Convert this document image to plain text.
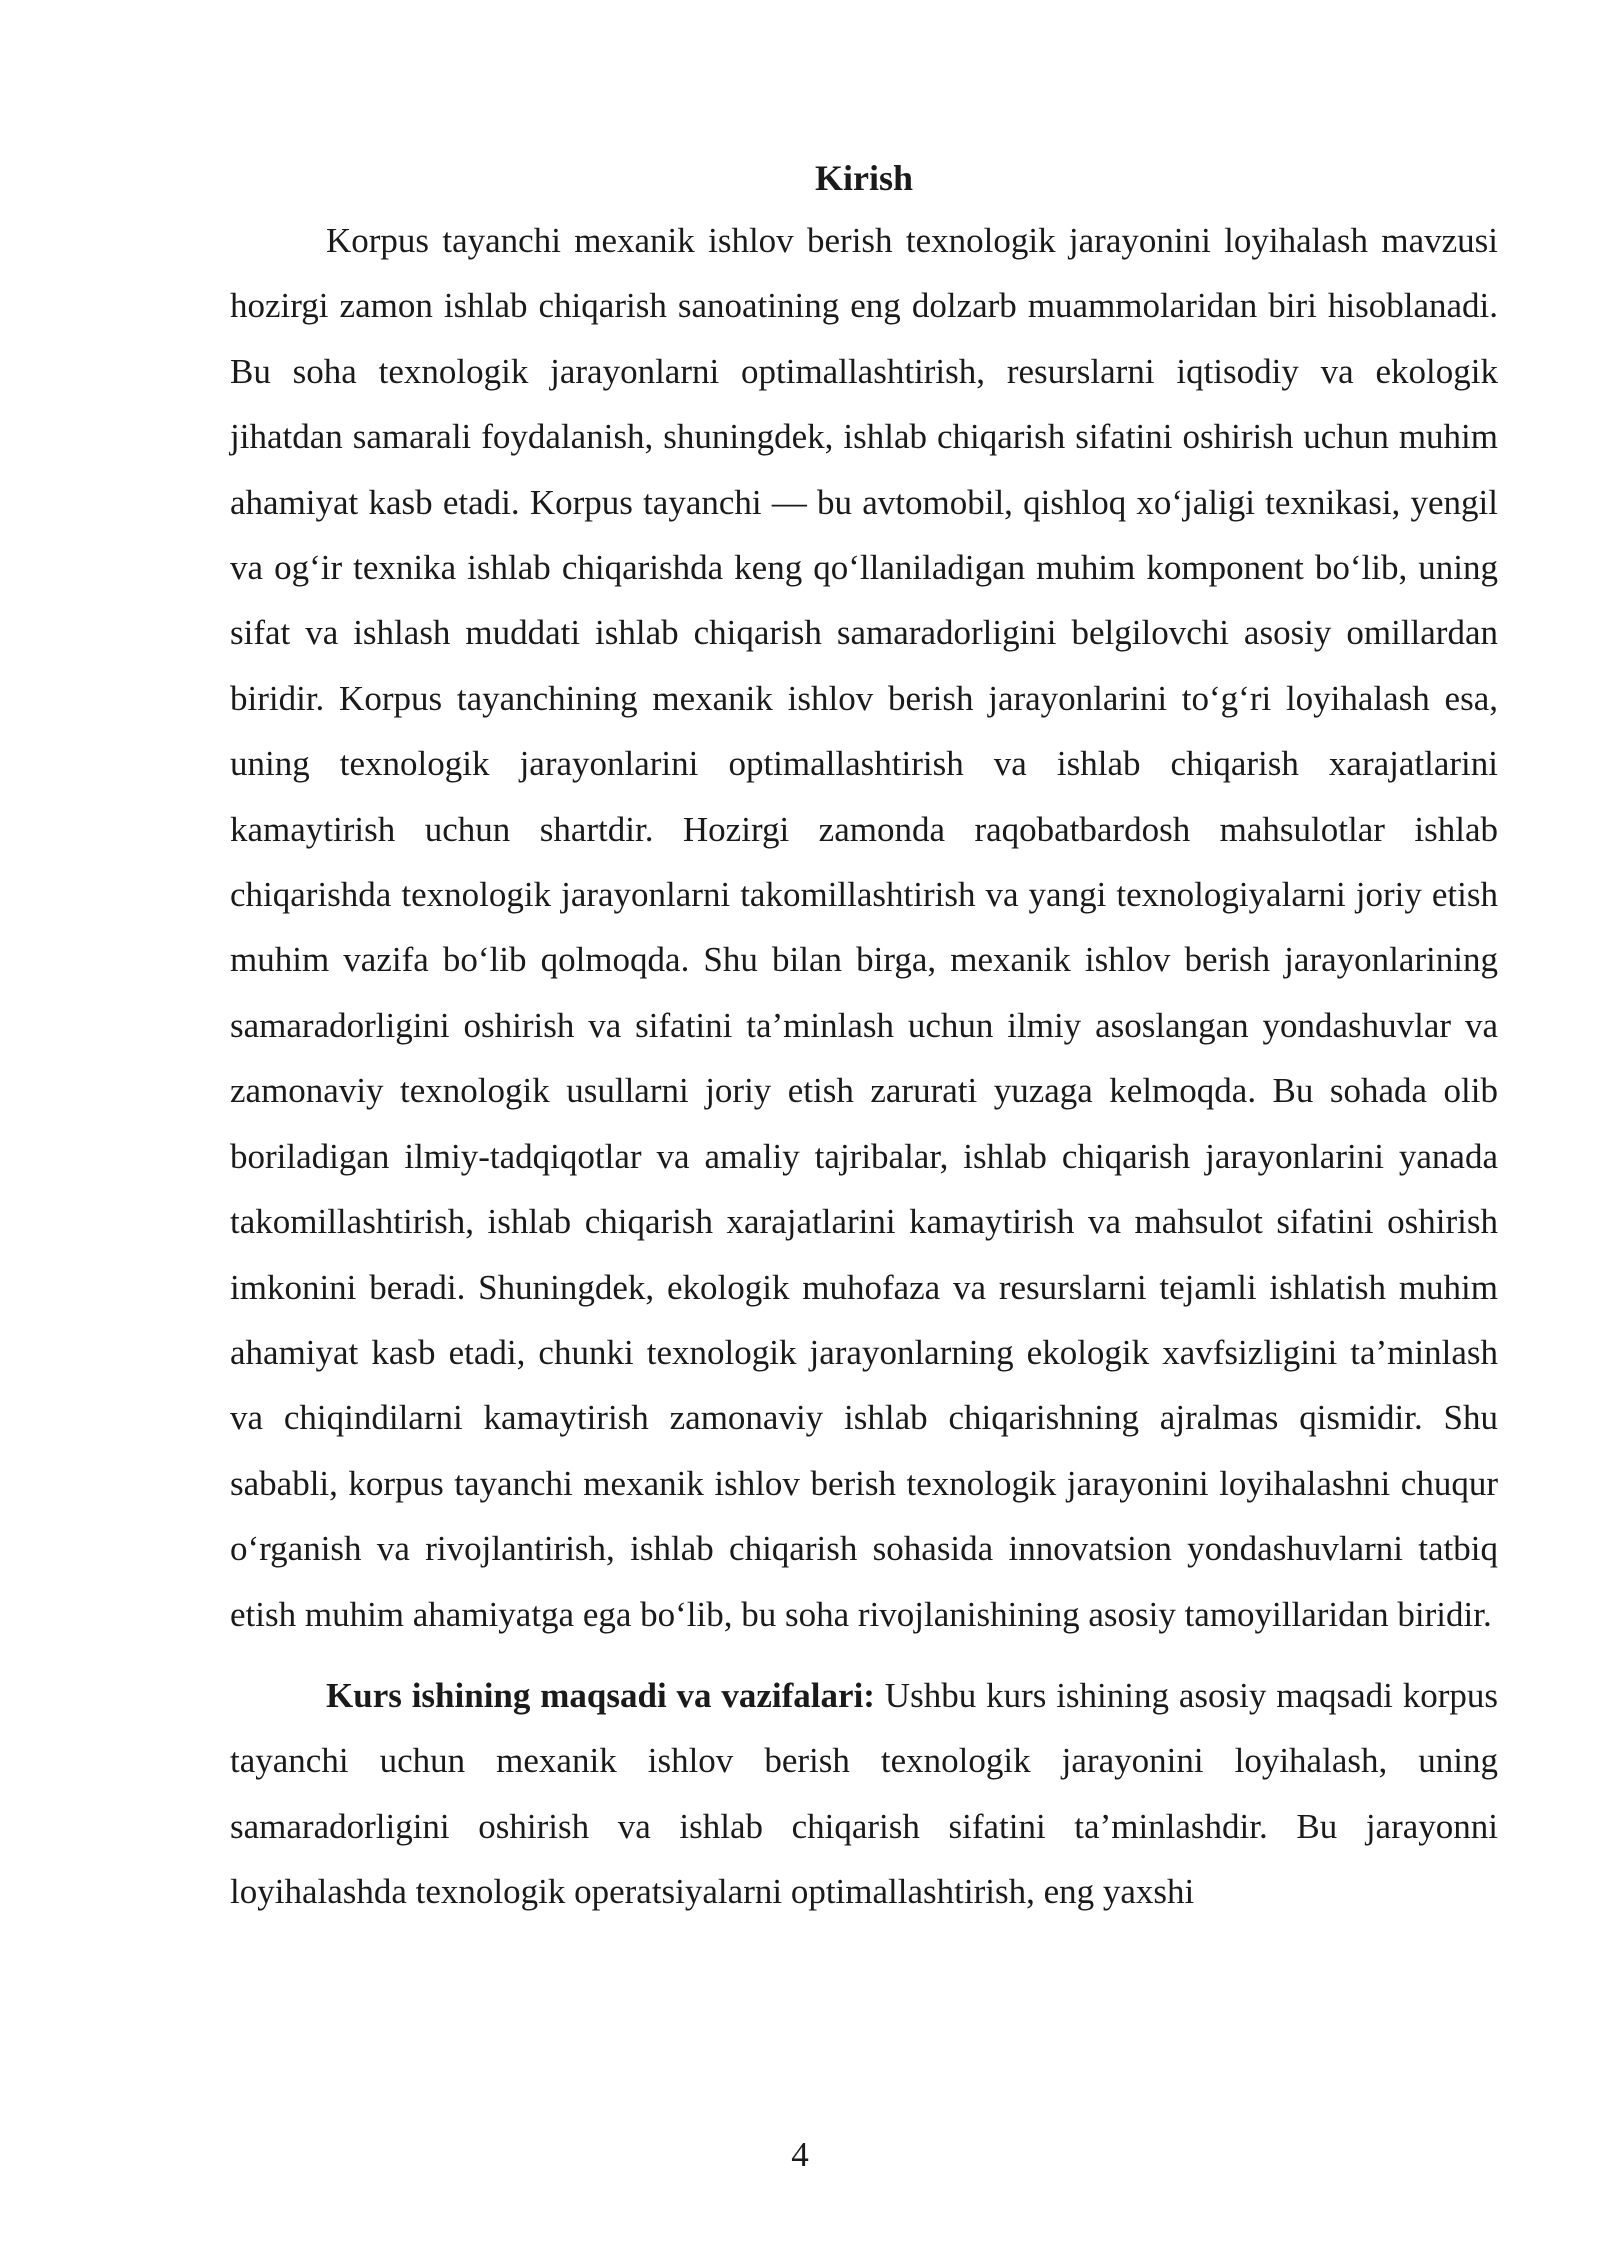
Kirish

Korpus tayanchi mexanik ishlov berish texnologik jarayonini loyihalash mavzusi hozirgi zamon ishlab chiqarish sanoatining eng dolzarb muammolaridan biri hisoblanadi. Bu soha texnologik jarayonlarni optimallashtirish, resurslarni iqtisodiy va ekologik jihatdan samarali foydalanish, shuningdek, ishlab chiqarish sifatini oshirish uchun muhim ahamiyat kasb etadi. Korpus tayanchi — bu avtomobil, qishloq xo‘jaligi texnikasi, yengil va og‘ir texnika ishlab chiqarishda keng qo‘llaniladigan muhim komponent bo‘lib, uning sifat va ishlash muddati ishlab chiqarish samaradorligini belgilovchi asosiy omillardan biridir. Korpus tayanchining mexanik ishlov berish jarayonlarini to‘g‘ri loyihalash esa, uning texnologik jarayonlarini optimallashtirish va ishlab chiqarish xarajatlarini kamaytirish uchun shartdir. Hozirgi zamonda raqobatbardosh mahsulotlar ishlab chiqarishda texnologik jarayonlarni takomillashtirish va yangi texnologiyalarni joriy etish muhim vazifa bo‘lib qolmoqda. Shu bilan birga, mexanik ishlov berish jarayonlarining samaradorligini oshirish va sifatini ta’minlash uchun ilmiy asoslangan yondashuvlar va zamonaviy texnologik usullarni joriy etish zarurati yuzaga kelmoqda. Bu sohada olib boriladigan ilmiy-tadqiqotlar va amaliy tajribalar, ishlab chiqarish jarayonlarini yanada takomillashtirish, ishlab chiqarish xarajatlarini kamaytirish va mahsulot sifatini oshirish imkonini beradi. Shuningdek, ekologik muhofaza va resurslarni tejamli ishlatish muhim ahamiyat kasb etadi, chunki texnologik jarayonlarning ekologik xavfsizligini ta’minlash va chiqindilarni kamaytirish zamonaviy ishlab chiqarishning ajralmas qismidir. Shu sababli, korpus tayanchi mexanik ishlov berish texnologik jarayonini loyihalashni chuqur o‘rganish va rivojlantirish, ishlab chiqarish sohasida innovatsion yondashuvlarni tatbiq etish muhim ahamiyatga ega bo‘lib, bu soha rivojlanishining asosiy tamoyillaridan biridir.

Kurs ishining maqsadi va vazifalari: Ushbu kurs ishining asosiy maqsadi korpus tayanchi uchun mexanik ishlov berish texnologik jarayonini loyihalash, uning samaradorligini oshirish va ishlab chiqarish sifatini ta’minlashdir. Bu jarayonni loyihalashda texnologik operatsiyalarni optimallashtirish, eng yaxshi

4
